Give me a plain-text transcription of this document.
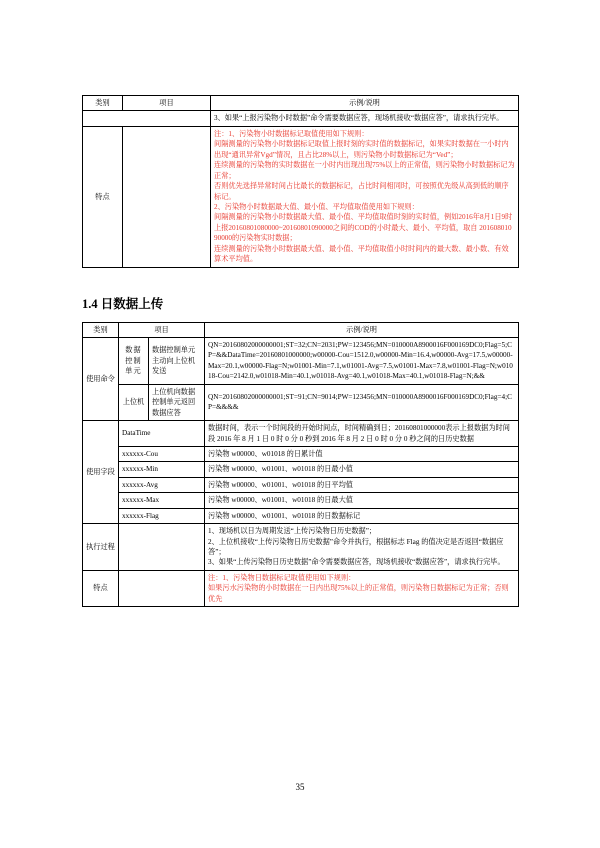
类别	项目	示例/说明
		3、如果“上报污染物小时数据”命令需要数据应答，现场机接收“数据应答”，请求执行完毕。
特点		
注：1、污染物小时数据标记取值使用如下规则：
间隔测量的污染物小时数据标记取值上报时刻的实时值的数据标记，如果实时数据在一小时内出现“通讯异常Vgd”情况，且占比28%以上，则污染物小时数据标记为“Ved”；
连续测量的污染物的实时数据在一小时内出现出现75%以上的正常值，则污染物小时数据标记为正常；
否则优先选择异常时间占比最长的数据标记，占比时间相同时，可按照优先级从高到低的顺序标记。
2、污染物小时数据最大值、最小值、平均值取值使用如下规则：
间隔测量的污染物小时数据最大值、最小值、平均值取值时刻的实时值，例如2016年8月1日9时上报20160801080000~20160801090000之间的COD的小时最大、最小、平均值，取自 20160801090000的污染物实时数据；
连续测量的污染物小时数据最大值、最小值、平均值取值小时时间内的最大数、最小数、有效算术平均值。
1.4 日数据上传
类别	项目		示例/说明
使用命令	数据控制单元	数据控制单元主动向上位机发送	QN=20160802000000001;ST=32;CN=2031;PW=123456;MN=010000A8900016F000169DC0;Flag=5;CP=&&DataTime=20160801000000;w00000-Cou=1512.0,w00000-Min=16.4,w00000-Avg=17.5,w00000-Max=20.1,w00000-Flag=N;w01001-Min=7.1,w01001-Avg=7.5,w01001-Max=7.8,w01001-Flag=N;w01018-Cou=2142.0,w01018-Min=40.1,w01018-Avg=40.1,w01018-Max=40.1,w01018-Flag=N;&&
	上位机	上位机向数据控制单元返回数据应答	QN=20160802000000001;ST=91;CN=9014;PW=123456;MN=010000A8900016F000169DC0;Flag=4;CP=&&&&
使用字段	DataTime		数据时间，表示一个时间段的开始时间点，时间精确到日；20160801000000表示上报数据为时间段 2016 年 8 月 1 日 0 时 0 分 0 秒到 2016 年 8 月 2 日 0 时 0 分 0 秒之间的日历史数据
	xxxxxx-Cou		污染物 w00000、w01018 的日累计值
	xxxxxx-Min		污染物 w00000、w01001、w01018 的日最小值
	xxxxxx-Avg		污染物 w00000、w01001、w01018 的日平均值
	xxxxxx-Max		污染物 w00000、w01001、w01018 的日最大值
	xxxxxx-Flag		污染物 w00000、w01001、w01018 的日数据标记
执行过程			1、现场机以日为周期发送“上传污染物日历史数据”；
2、上位机接收“上传污染物日历史数据”命令并执行，根据标志 Flag 的值决定是否返回“数据应答”；
3、如果“上传污染物日历史数据”命令需要数据应答，现场机接收“数据应答”，请求执行完毕。

特点			注：1、污染物日数据标记取值使用如下规则：
如果污水污染物的小时数据在一日内出现75%以上的正常值，则污染物日数据标记为正常；否则优先
35
